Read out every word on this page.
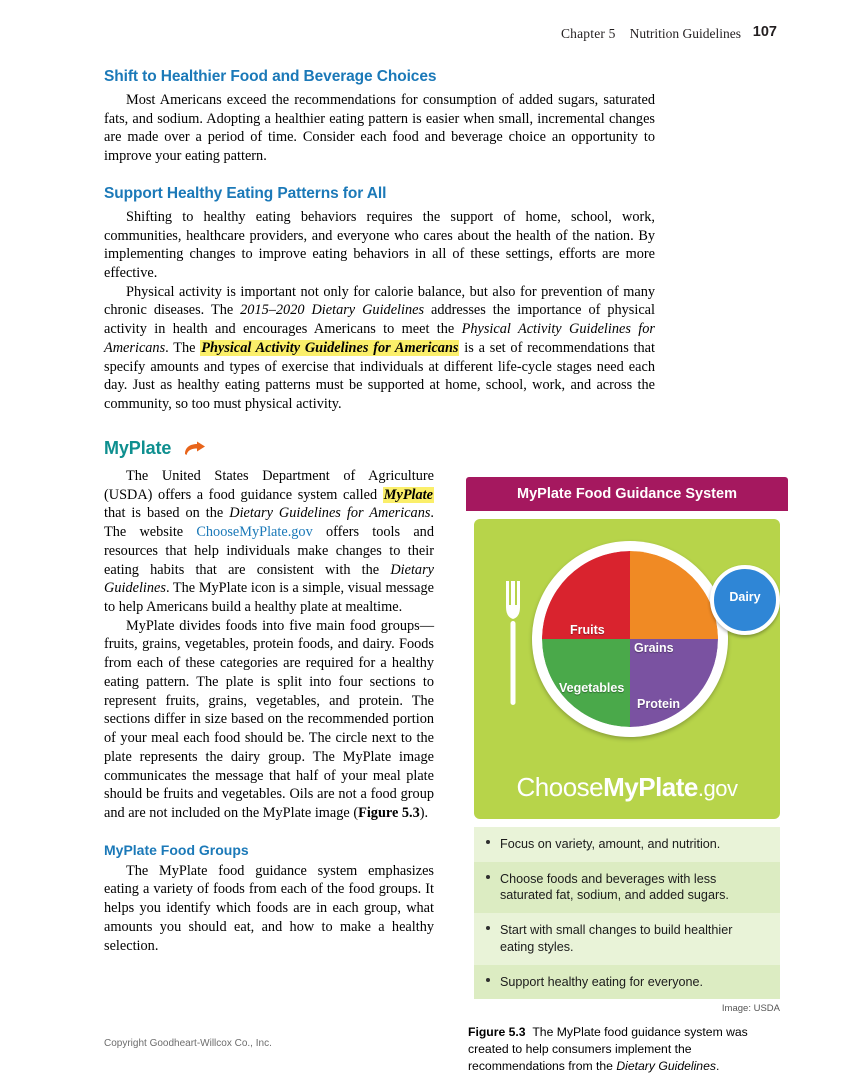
Chapter 5 Nutrition Guidelines 107
Shift to Healthier Food and Beverage Choices

Most Americans exceed the recommendations for consumption of added sugars, saturated fats, and sodium. Adopting a healthier eating pattern is easier when small, incremental changes are made over a period of time. Consider each food and beverage choice an opportunity to improve your eating pattern.

Support Healthy Eating Patterns for All

Shifting to healthy eating behaviors requires the support of home, school, work, communities, healthcare providers, and everyone who cares about the health of the nation. By implementing changes to improve eating behaviors in all of these settings, efforts are more effective.

Physical activity is important not only for calorie balance, but also for prevention of many chronic diseases. The 2015–2020 Dietary Guidelines addresses the importance of physical activity in health and encourages Americans to meet the Physical Activity Guidelines for Americans. The Physical Activity Guidelines for Americans is a set of recommendations that specify amounts and types of exercise that individuals at different life-cycle stages need each day. Just as healthy eating patterns must be supported at home, school, work, and across the community, so too must physical activity.

MyPlate

The United States Department of Agriculture (USDA) offers a food guidance system called MyPlate that is based on the Dietary Guidelines for Americans. The website ChooseMyPlate.gov offers tools and resources that help individuals make changes to their eating habits that are consistent with the Dietary Guidelines. The MyPlate icon is a simple, visual message to help Americans build a healthy plate at mealtime.

MyPlate divides foods into five main food groups—fruits, grains, vegetables, protein foods, and dairy. Foods from each of these categories are required for a healthy eating pattern. The plate is split into four sections to represent fruits, grains, vegetables, and protein. The sections differ in size based on the recommended portion of your meal each food should be. The circle next to the plate represents the dairy group. The MyPlate image communicates the message that half of your meal plate should be fruits and vegetables. Oils are not a food group and are not included on the MyPlate image (Figure 5.3).

MyPlate Food Groups

The MyPlate food guidance system emphasizes eating a variety of foods from each of the food groups. It helps you identify which foods are in each group, what amounts you should eat, and how to make a healthy selection.

MyPlate Food Guidance System
Fruits
Grains
Vegetables
Protein
Dairy
ChooseMyPlate.gov
Focus on variety, amount, and nutrition.
Choose foods and beverages with less saturated fat, sodium, and added sugars.
Start with small changes to build healthier eating styles.
Support healthy eating for everyone.
Image: USDA
Figure 5.3 The MyPlate food guidance system was created to help consumers implement the recommendations from the Dietary Guidelines.
Copyright Goodheart-Willcox Co., Inc.
